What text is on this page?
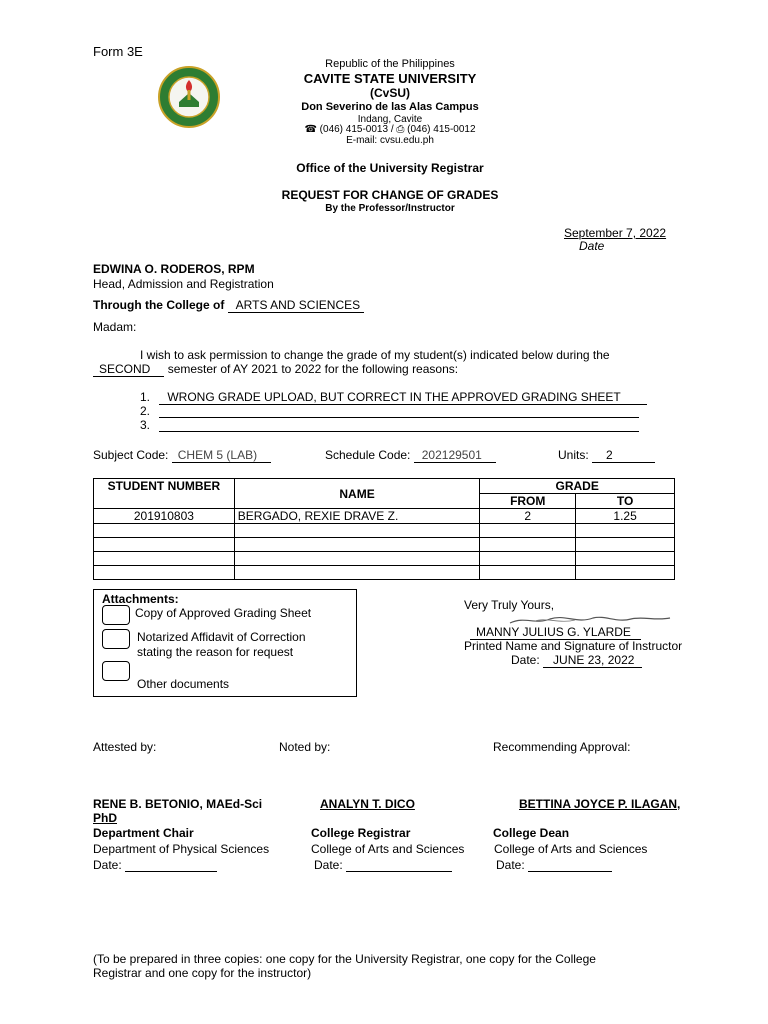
Form 3E
Republic of the Philippines
CAVITE STATE UNIVERSITY
(CvSU)
Don Severino de las Alas Campus
Indang, Cavite
☎ (046) 415-0013 / ⎙ (046) 415-0012
E-mail: cvsu.edu.ph
Office of the University Registrar
REQUEST FOR CHANGE OF GRADES
By the Professor/Instructor
September 7, 2022
Date
EDWINA O. RODEROS, RPM
Head, Admission and Registration
Through the College of ARTS AND SCIENCES
Madam:
I wish to ask permission to change the grade of my student(s) indicated below during the
SECOND semester of AY 2021 to 2022 for the following reasons:
1. WRONG GRADE UPLOAD, BUT CORRECT IN THE APPROVED GRADING SHEET
2.
3.
Subject Code: CHEM 5 (LAB)	Schedule Code: 202129501	Units: 2
STUDENT NUMBER	NAME	GRADE	
		FROM	TO
201910803	BERGADO, REXIE DRAVE Z.	2	1.25

Attachments:
Copy of Approved Grading Sheet
Notarized Affidavit of Correction
stating the reason for request
Other documents
Very Truly Yours,
MANNY JULIUS G. YLARDE
Printed Name and Signature of Instructor
Date: JUNE 23, 2022
Attested by:	Noted by:	Recommending Approval:
RENE B. BETONIO, MAEd-Sci
Department Chair
Department of Physical Sciences
Date:
ANALYN T. DICO
College Registrar
College of Arts and Sciences
Date:
BETTINA JOYCE P. ILAGAN,
PhD
College Dean
College of Arts and Sciences
Date:
(To be prepared in three copies: one copy for the University Registrar, one copy for the College
Registrar and one copy for the instructor)
